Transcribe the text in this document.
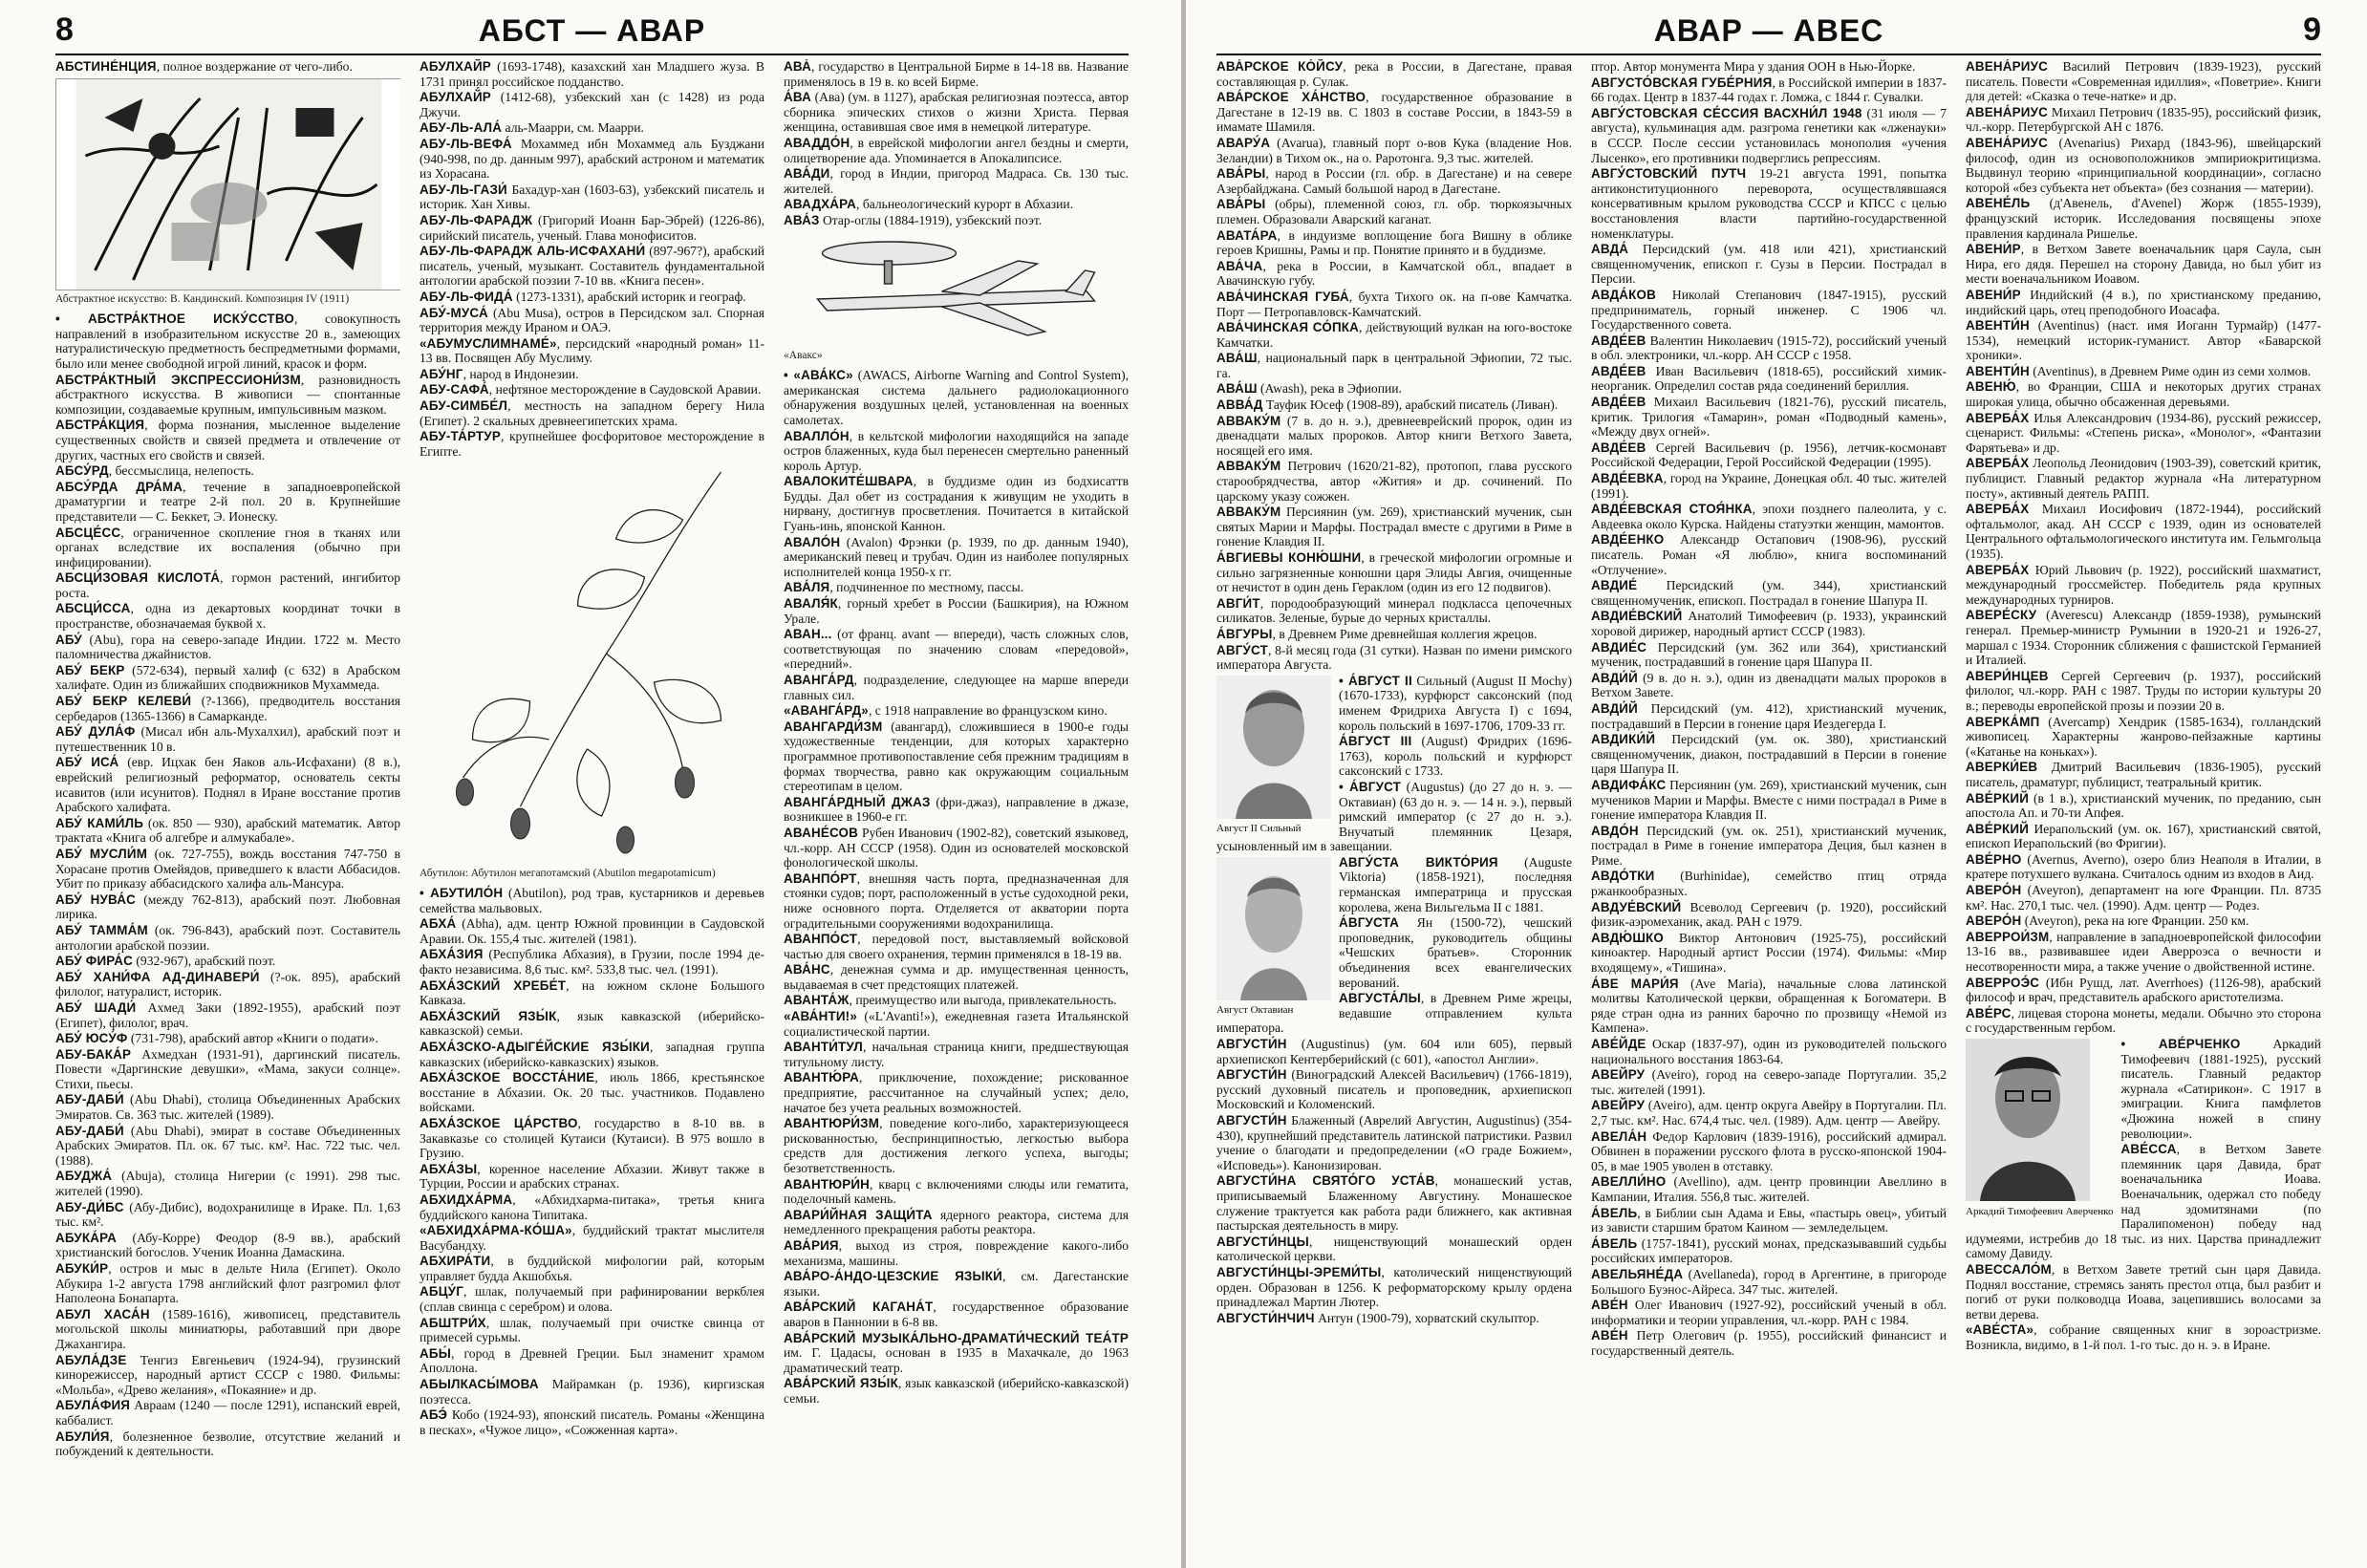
8	АБСТ — АВАР

АБСТИНЕ́НЦИЯ, полное воздержание от чего-либо.

Абстрактное искусство: В. Кандинский. Композиция IV (1911)

• АБСТРА́КТНОЕ ИСКУ́ССТВО, совокупность направлений в изобразительном искусстве 20 в., замеющих натуралистическую предметность беспредметными формами, было или менее свободной игрой линий, красок и форм.

АБСТРА́КТНЫЙ ЭКСПРЕССИОНИ́ЗМ, разновидность абстрактного искусства. В живописи — спонтанные композиции, создаваемые крупным, импульсивным мазком.

АБСТРА́КЦИЯ, форма познания, мысленное выделение существенных свойств и связей предмета и отвлечение от других, частных его свойств и связей.

АБСУ́РД, бессмыслица, нелепость.

АБСУ́РДА ДРА́МА, течение в западноевропейской драматургии и театре 2-й пол. 20 в. Крупнейшие представители — С. Беккет, Э. Ионеску.

АБСЦЕ́СС, ограниченное скопление гноя в тканях или органах вследствие их воспаления (обычно при инфицировании).

АБСЦИ́ЗОВАЯ КИСЛОТА́, гормон растений, ингибитор роста.

АБСЦИ́ССА, одна из декартовых координат точки в пространстве, обозначаемая буквой x.

АБУ́ (Abu), гора на северо-западе Индии. 1722 м. Место паломничества джайнистов.

АБУ́ БЕКР (572-634), первый халиф (с 632) в Арабском халифате. Один из ближайших сподвижников Мухаммеда.

АБУ́ БЕКР КЕЛЕВИ́ (?-1366), предводитель восстания сербедаров (1365-1366) в Самарканде.

АБУ́ ДУЛА́Ф (Мисал ибн аль-Мухалхил), арабский поэт и путешественник 10 в.

АБУ́ ИСА́ (евр. Ицхак бен Яаков аль-Исфахани) (8 в.), еврейский религиозный реформатор, основатель секты исавитов (или исунитов). Поднял в Иране восстание против Арабского халифата.

АБУ́ КАМИ́ЛЬ (ок. 850 — 930), арабский математик. Автор трактата «Книга об алгебре и алмукабале».

АБУ́ МУСЛИ́М (ок. 727-755), вождь восстания 747-750 в Хорасане против Омейядов, приведшего к власти Аббасидов. Убит по приказу аббасидского халифа аль-Мансура.

АБУ́ НУВА́С (между 762-813), арабский поэт. Любовная лирика.

АБУ́ ТАММА́М (ок. 796-843), арабский поэт. Составитель антологии арабской поэзии.

АБУ́ ФИРА́С (932-967), арабский поэт.

АБУ́ ХАНИ́ФА АД-ДИНАВЕРИ́ (?-ок. 895), арабский филолог, натуралист, историк.

АБУ́ ШАДИ́ Ахмед Заки (1892-1955), арабский поэт (Египет), филолог, врач.

АБУ́ ЮСУ́Ф (731-798), арабский автор «Книги о подати».

АБУ-БАКА́Р Ахмедхан (1931-91), даргинский писатель. Повести «Даргинские девушки», «Мама, закуси солнце». Стихи, пьесы.

АБУ-ДАБИ́ (Abu Dhabi), столица Объединенных Арабских Эмиратов. Св. 363 тыс. жителей (1989).

АБУ-ДАБИ́ (Abu Dhabi), эмират в составе Объединенных Арабских Эмиратов. Пл. ок. 67 тыс. км². Нас. 722 тыс. чел. (1988).

АБУДЖА́ (Abuja), столица Нигерии (с 1991). 298 тыс. жителей (1990).

АБУ-ДИ́БС (Абу-Дибис), водохранилище в Ираке. Пл. 1,63 тыс. км².

АБУКА́РА (Абу-Корре) Феодор (8-9 вв.), арабский христианский богослов. Ученик Иоанна Дамаскина.

АБУКИ́Р, остров и мыс в дельте Нила (Египет). Около Абукира 1-2 августа 1798 английский флот разгромил флот Наполеона Бонапарта.

АБУЛ ХАСА́Н (1589-1616), живописец, представитель могольской школы миниатюры, работавший при дворе Джахангира.

АБУЛА́ДЗЕ Тенгиз Евгеньевич (1924-94), грузинский кинорежиссер, народный артист СССР с 1980. Фильмы: «Мольба», «Древо желания», «Покаяние» и др.

АБУЛА́ФИЯ Авраам (1240 — после 1291), испанский еврей, каббалист.

АБУЛИ́Я, болезненное безволие, отсутствие желаний и побуждений к деятельности.

АБУЛХАЙ́Р (1693-1748), казахский хан Младшего жуза. В 1731 принял российское подданство.

АБУЛХАЙ́Р (1412-68), узбекский хан (с 1428) из рода Джучи.

АБУ-ЛЬ-АЛА́ аль-Маарри, см. Маарри.

АБУ-ЛЬ-ВЕФА́ Мохаммед ибн Мохаммед аль Бузджани (940-998, по др. данным 997), арабский астроном и математик из Хорасана.

АБУ-ЛЬ-ГАЗИ́ Бахадур-хан (1603-63), узбекский писатель и историк. Хан Хивы.

АБУ-ЛЬ-ФАРАДЖ (Григорий Иоанн Бар-Эбрей) (1226-86), сирийский писатель, ученый. Глава монофиситов.

АБУ-ЛЬ-ФАРАДЖ АЛЬ-ИСФАХАНИ́ (897-967?), арабский писатель, ученый, музыкант. Составитель фундаментальной антологии арабской поэзии 7-10 вв. «Книга песен».

АБУ-ЛЬ-ФИДА́ (1273-1331), арабский историк и географ.

АБУ́-МУСА́ (Abu Musa), остров в Персидском зал. Спорная территория между Ираном и ОАЭ.

«АБУМУСЛИМНАМЕ́», персидский «народный роман» 11-13 вв. Посвящен Абу Муслиму.

АБУ́НГ, народ в Индонезии.

АБУ-САФА́, нефтяное месторождение в Саудовской Аравии.

АБУ-СИМБЕ́Л, местность на западном берегу Нила (Египет). 2 скальных древнеегипетских храма.

АБУ-ТА́РТУР, крупнейшее фосфоритовое месторождение в Египте.

Абутилон: Абутилон мегапотамский (Abutilon megapotamicum)

• АБУТИЛО́Н (Abutilon), род трав, кустарников и деревьев семейства мальвовых.

АБХА́ (Abha), адм. центр Южной провинции в Саудовской Аравии. Ок. 155,4 тыс. жителей (1981).

АБХА́ЗИЯ (Республика Абхазия), в Грузии, после 1994 де-факто независима. 8,6 тыс. км². 533,8 тыс. чел. (1991).

АБХА́ЗСКИЙ ХРЕБЕ́Т, на южном склоне Большого Кавказа.

АБХА́ЗСКИЙ ЯЗЫ́К, язык кавказской (иберийско-кавказской) семьи.

АБХА́ЗСКО-АДЫГЕ́ЙСКИЕ ЯЗЫ́КИ, западная группа кавказских (иберийско-кавказских) языков.

АБХА́ЗСКОЕ ВОССТА́НИЕ, июль 1866, крестьянское восстание в Абхазии. Ок. 20 тыс. участников. Подавлено войсками.

АБХА́ЗСКОЕ ЦА́РСТВО, государство в 8-10 вв. в Закавказье со столицей Кутаиси (Кутаиси). В 975 вошло в Грузию.

АБХА́ЗЫ, коренное население Абхазии. Живут также в Турции, России и арабских странах.

АБХИДХА́РМА, «Абхидхарма-питака», третья книга буддийского канона Типитака.

«АБХИДХА́РМА-КО́ША», буддийский трактат мыслителя Васубандху.

АБХИРА́ТИ, в буддийской мифологии рай, которым управляет будда Акшобхья.

АБЦУ́Г, шлак, получаемый при рафинировании веркблея (сплав свинца с серебром) и олова.

АБШТРИ́Х, шлак, получаемый при очистке свинца от примесей сурьмы.

АБЫ́, город в Древней Греции. Был знаменит храмом Аполлона.

АБЫЛКАСЫ́МОВА Майрамкан (р. 1936), киргизская поэтесса.

АБЭ́ Кобо (1924-93), японский писатель. Романы «Женщина в песках», «Чужое лицо», «Сожженная карта».

АВА́, государство в Центральной Бирме в 14-18 вв. Название применялось в 19 в. ко всей Бирме.

А́ВА (Ава) (ум. в 1127), арабская религиозная поэтесса, автор сборника эпических стихов о жизни Христа. Первая женщина, оставившая свое имя в немецкой литературе.

АВАДДО́Н, в еврейской мифологии ангел бездны и смерти, олицетворение ада. Упоминается в Апокалипсисе.

АВА́ДИ, город в Индии, пригород Мадраса. Св. 130 тыс. жителей.

АВАДХА́РА, бальнеологический курорт в Абхазии.

АВА́З Отар-оглы (1884-1919), узбекский поэт.

«Авакс»

• «АВА́КС» (AWACS, Airborne Warning and Control System), американская система дальнего радиолокационного обнаружения воздушных целей, установленная на военных самолетах.

АВАЛЛО́Н, в кельтской мифологии находящийся на западе остров блаженных, куда был перенесен смертельно раненный король Артур.

АВАЛОКИТЕ́ШВАРА, в буддизме один из бодхисаттв Будды. Дал обет из сострадания к живущим не уходить в нирвану, достигнув просветления. Почитается в китайской Гуань-инь, японской Каннон.

АВАЛО́Н (Avalon) Фрэнки (р. 1939, по др. данным 1940), американский певец и трубач. Один из наиболее популярных исполнителей конца 1950-х гг.

АВА́ЛЯ, подчиненное по местному, пассы.

АВАЛЯ́К, горный хребет в России (Башкирия), на Южном Урале.

АВАН... (от франц. avant — впереди), часть сложных слов, соответствующая по значению словам «передовой», «передний».

АВАНГА́РД, подразделение, следующее на марше впереди главных сил.

«АВАНГА́РД», с 1918 направление во французском кино.

АВАНГАРДИ́ЗМ (авангард), сложившиеся в 1900-е годы художественные тенденции, для которых характерно программное противопоставление себя прежним традициям в формах творчества, равно как окружающим социальным стереотипам в целом.

АВАНГА́РДНЫЙ ДЖАЗ (фри-джаз), направление в джазе, возникшее в 1960-е гг.

АВАНЕ́СОВ Рубен Иванович (1902-82), советский языковед, чл.-корр. АН СССР (1958). Один из основателей московской фонологической школы.

АВАНПО́РТ, внешняя часть порта, предназначенная для стоянки судов; порт, расположенный в устье судоходной реки, ниже основного порта. Отделяется от акватории порта оградительными сооружениями водохранилища.

АВАНПО́СТ, передовой пост, выставляемый войсковой частью для своего охранения, термин применялся в 18-19 вв.

АВА́НС, денежная сумма и др. имущественная ценность, выдаваемая в счет предстоящих платежей.

АВАНТА́Ж, преимущество или выгода, привлекательность.

«АВА́НТИ!» («L'Avanti!»), ежедневная газета Итальянской социалистической партии.

АВАНТИ́ТУЛ, начальная страница книги, предшествующая титульному листу.

АВАНТЮ́РА, приключение, похождение; рискованное предприятие, рассчитанное на случайный успех; дело, начатое без учета реальных возможностей.

АВАНТЮРИ́ЗМ, поведение кого-либо, характеризующееся рискованностью, беспринципностью, легкостью выбора средств для достижения легкого успеха, выгоды; безответственность.

АВАНТЮРИ́Н, кварц с включениями слюды или гематита, поделочный камень.

АВАРИ́ЙНАЯ ЗАЩИ́ТА ядерного реактора, система для немедленного прекращения работы реактора.

АВА́РИЯ, выход из строя, повреждение какого-либо механизма, машины.

АВА́РО-А́НДО-ЦЕЗСКИЕ ЯЗЫКИ́, см. Дагестанские языки.

АВА́РСКИЙ КАГАНА́Т, государственное образование аваров в Паннонии в 6-8 вв.

АВА́РСКИЙ МУЗЫКА́ЛЬНО-ДРАМАТИ́ЧЕСКИЙ ТЕА́ТР им. Г. Цадасы, основан в 1935 в Махачкале, до 1963 драматический театр.

АВА́РСКИЙ ЯЗЫ́К, язык кавказской (иберийско-кавказской) семьи.

АВАР — АВЕС	9

АВА́РСКОЕ КО́ЙСУ, река в России, в Дагестане, правая составляющая р. Сулак.

АВА́РСКОЕ ХА́НСТВО, государственное образование в Дагестане в 12-19 вв. С 1803 в составе России, в 1843-59 в имамате Шамиля.

АВАРУ́А (Avarua), главный порт о-вов Кука (владение Нов. Зеландии) в Тихом ок., на о. Раротонга. 9,3 тыс. жителей.

АВА́РЫ, народ в России (гл. обр. в Дагестане) и на севере Азербайджана. Самый большой народ в Дагестане.

АВА́РЫ (обры), племенной союз, гл. обр. тюркоязычных племен. Образовали Аварский каганат.

АВАТА́РА, в индуизме воплощение бога Вишну в облике героев Кришны, Рамы и пр. Понятие принято и в буддизме.

АВА́ЧА, река в России, в Камчатской обл., впадает в Авачинскую губу.

АВА́ЧИНСКАЯ ГУБА́, бухта Тихого ок. на п-ове Камчатка. Порт — Петропавловск-Камчатский.

АВА́ЧИНСКАЯ СО́ПКА, действующий вулкан на юго-востоке Камчатки.

АВА́Ш, национальный парк в центральной Эфиопии, 72 тыс. га.

АВА́Ш (Awash), река в Эфиопии.

АВВА́Д Тауфик Юсеф (1908-89), арабский писатель (Ливан).

АВВАКУ́М (7 в. до н. э.), древнееврейский пророк, один из двенадцати малых пророков. Автор книги Ветхого Завета, носящей его имя.

АВВАКУ́М Петрович (1620/21-82), протопоп, глава русского старообрядчества, автор «Жития» и др. сочинений. По царскому указу сожжен.

АВВАКУ́М Персиянин (ум. 269), христианский мученик, сын святых Марии и Марфы. Пострадал вместе с другими в Риме в гонение Клавдия II.

А́ВГИЕВЫ КОНЮ́ШНИ, в греческой мифологии огромные и сильно загрязненные конюшни царя Элиды Авгия, очищенные от нечистот в один день Гераклом (один из его 12 подвигов).

АВГИ́Т, породообразующий минерал подкласса цепочечных силикатов. Зеленые, бурые до черных кристаллы.

А́ВГУРЫ, в Древнем Риме древнейшая коллегия жрецов.

АВГУ́СТ, 8-й месяц года (31 сутки). Назван по имени римского императора Августа.

Август II Сильный

• А́ВГУСТ II Сильный (August II Mochy) (1670-1733), курфюрст саксонский (под именем Фридриха Августа I) с 1694, король польский в 1697-1706, 1709-33 гг.

А́ВГУСТ III (August) Фридрих (1696-1763), король польский и курфюрст саксонский с 1733.

• А́ВГУСТ (Augustus) (до 27 до н. э. — Октавиан) (63 до н. э. — 14 н. э.), первый римский император (с 27 до н. э.). Внучатый племянник Цезаря, усыновленный им в завещании.

Август Октавиан

АВГУ́СТА ВИКТО́РИЯ (Auguste Viktoria) (1858-1921), последняя германская императрица и прусская королева, жена Вильгельма II с 1881.

А́ВГУСТА Ян (1500-72), чешский проповедник, руководитель общины «Чешских братьев». Сторонник объединения всех евангелических верований.

АВГУСТА́ЛЫ, в Древнем Риме жрецы, ведавшие отправлением культа императора.

АВГУСТИ́Н (Augustinus) (ум. 604 или 605), первый архиепископ Кентерберийский (с 601), «апостол Англии».

АВГУСТИ́Н (Виноградский Алексей Васильевич) (1766-1819), русский духовный писатель и проповедник, архиепископ Московский и Коломенский.

АВГУСТИ́Н Блаженный (Аврелий Августин, Augustinus) (354-430), крупнейший представитель латинской патристики. Развил учение о благодати и предопределении («О граде Божием», «Исповедь»). Канонизирован.

АВГУСТИ́НА СВЯТО́ГО УСТА́В, монашеский устав, приписываемый Блаженному Августину. Монашеское служение трактуется как работа ради ближнего, как активная пастырская деятельность в миру.

АВГУСТИ́НЦЫ, нищенствующий монашеский орден католической церкви.

АВГУСТИ́НЦЫ-ЭРЕМИ́ТЫ, католический нищенствующий орден. Образован в 1256. К реформаторскому крылу ордена принадлежал Мартин Лютер.

АВГУСТИ́НЧИЧ Антун (1900-79), хорватский скульптор.

птор. Автор монумента Мира у здания ООН в Нью-Йорке.

АВГУСТО́ВСКАЯ ГУБЕ́РНИЯ, в Российской империи в 1837-66 годах. Центр в 1837-44 годах г. Ломжа, с 1844 г. Сувалки.

АВГУ́СТОВСКАЯ СЕ́ССИЯ ВАСХНИ́Л 1948 (31 июля — 7 августа), кульминация адм. разгрома генетики как «лженауки» в СССР. После сессии установилась монополия «учения Лысенко», его противники подверглись репрессиям.

АВГУ́СТОВСКИЙ ПУТЧ 19-21 августа 1991, попытка антиконституционного переворота, осуществлявшаяся консервативным крылом руководства СССР и КПСС с целью восстановления власти партийно-государственной номенклатуры.

АВДА́ Персидский (ум. 418 или 421), христианский священномученик, епископ г. Сузы в Персии. Пострадал в Персии.

АВДА́КОВ Николай Степанович (1847-1915), русский предприниматель, горный инженер. С 1906 чл. Государственного совета.

АВДЕ́ЕВ Валентин Николаевич (1915-72), российский ученый в обл. электроники, чл.-корр. АН СССР с 1958.

АВДЕ́ЕВ Иван Васильевич (1818-65), российский химик-неорганик. Определил состав ряда соединений бериллия.

АВДЕ́ЕВ Михаил Васильевич (1821-76), русский писатель, критик. Трилогия «Тамарин», роман «Подводный камень», «Между двух огней».

АВДЕ́ЕВ Сергей Васильевич (р. 1956), летчик-космонавт Российской Федерации, Герой Российской Федерации (1995).

АВДЕ́ЕВКА, город на Украине, Донецкая обл. 40 тыс. жителей (1991).

АВДЕ́ЕВСКАЯ СТОЯ́НКА, эпохи позднего палеолита, у с. Авдеевка около Курска. Найдены статуэтки женщин, мамонтов.

АВДЕ́ЕНКО Александр Остапович (1908-96), русский писатель. Роман «Я люблю», книга воспоминаний «Отлучение».

АВДИЕ́ Персидский (ум. 344), христианский священномученик, епископ. Пострадал в гонение Шапура II.

АВДИЕ́ВСКИЙ Анатолий Тимофеевич (р. 1933), украинский хоровой дирижер, народный артист СССР (1983).

АВДИЕ́С Персидский (ум. 362 или 364), христианский мученик, пострадавший в гонение царя Шапура II.

АВДИ́Й (9 в. до н. э.), один из двенадцати малых пророков в Ветхом Завете.

АВДИ́Й Персидский (ум. 412), христианский мученик, пострадавший в Персии в гонение царя Иездегерда I.

АВДИКИ́Й Персидский (ум. ок. 380), христианский священномученик, диакон, пострадавший в Персии в гонение царя Шапура II.

АВДИФА́КС Персиянин (ум. 269), христианский мученик, сын мучеников Марии и Марфы. Вместе с ними пострадал в Риме в гонение императора Клавдия II.

АВДО́Н Персидский (ум. ок. 251), христианский мученик, пострадал в Риме в гонение императора Деция, был казнен в Риме.

АВДО́ТКИ (Burhinidae), семейство птиц отряда ржанкообразных.

АВДУЕ́ВСКИЙ Всеволод Сергеевич (р. 1920), российский физик-аэромеханик, акад. РАН с 1979.

АВДЮ́ШКО Виктор Антонович (1925-75), российский киноактер. Народный артист России (1974). Фильмы: «Мир входящему», «Тишина».

А́ВЕ МАРИ́Я (Ave Maria), начальные слова латинской молитвы Католической церкви, обращенная к Богоматери. В ряде стран одна из ранних барочно по прозвищу «Немой из Кампена».

АВЕ́ЙДЕ Оскар (1837-97), один из руководителей польского национального восстания 1863-64.

АВЕЙРУ (Aveiro), город на северо-западе Португалии. 35,2 тыс. жителей (1991).

АВЕЙРУ (Aveiro), адм. центр округа Авейру в Португалии. Пл. 2,7 тыс. км². Нас. 674,4 тыс. чел. (1989). Адм. центр — Авейру.

АВЕЛА́Н Федор Карлович (1839-1916), российский адмирал. Обвинен в поражении русского флота в русско-японской 1904-05, в мае 1905 уволен в отставку.

АВЕЛЛИ́НО (Avellino), адм. центр провинции Авеллино в Кампании, Италия. 556,8 тыс. жителей.

А́ВЕЛЬ, в Библии сын Адама и Евы, «пастырь овец», убитый из зависти старшим братом Каином — земледельцем.

А́ВЕЛЬ (1757-1841), русский монах, предсказывавший судьбы российских императоров.

АВЕЛЬЯНЕ́ДА (Avellaneda), город в Аргентине, в пригороде Большого Буэнос-Айреса. 347 тыс. жителей.

АВЕ́Н Олег Иванович (1927-92), российский ученый в обл. информатики и теории управления, чл.-корр. РАН с 1984.

АВЕ́Н Петр Олегович (р. 1955), российский финансист и государственный деятель.

АВЕНА́РИУС Василий Петрович (1839-1923), русский писатель. Повести «Современная идиллия», «Поветрие». Книги для детей: «Сказка о тече-натке» и др.

АВЕНА́РИУС Михаил Петрович (1835-95), российский физик, чл.-корр. Петербургской АН с 1876.

АВЕНА́РИУС (Avenarius) Рихард (1843-96), швейцарский философ, один из основоположников эмпириокритицизма. Выдвинул теорию «принципиальной координации», согласно которой «без субъекта нет объекта» (без сознания — материи).

АВЕНЕ́ЛЬ (д'Авенель, d'Avenel) Жорж (1855-1939), французский историк. Исследования посвящены эпохе правления кардинала Ришелье.

АВЕНИ́Р, в Ветхом Завете военачальник царя Саула, сын Нира, его дядя. Перешел на сторону Давида, но был убит из мести военачальником Иоавом.

АВЕНИ́Р Индийский (4 в.), по христианскому преданию, индийский царь, отец преподобного Иоасафа.

АВЕНТИ́Н (Aventinus) (наст. имя Иоганн Турмайр) (1477-1534), немецкий историк-гуманист. Автор «Баварской хроники».

АВЕНТИ́Н (Aventinus), в Древнем Риме один из семи холмов.

АВЕНЮ́, во Франции, США и некоторых других странах широкая улица, обычно обсаженная деревьями.

АВЕРБА́Х Илья Александрович (1934-86), русский режиссер, сценарист. Фильмы: «Степень риска», «Монолог», «Фантазии Фарятьева» и др.

АВЕРБА́Х Леопольд Леонидович (1903-39), советский критик, публицист. Главный редактор журнала «На литературном посту», активный деятель РАПП.

АВЕРБА́Х Михаил Иосифович (1872-1944), российский офтальмолог, акад. АН СССР с 1939, один из основателей Центрального офтальмологического института им. Гельмгольца (1935).

АВЕРБА́Х Юрий Львович (р. 1922), российский шахматист, международный гроссмейстер. Победитель ряда крупных международных турниров.

АВЕРЕ́СКУ (Averescu) Александр (1859-1938), румынский генерал. Премьер-министр Румынии в 1920-21 и 1926-27, маршал с 1934. Сторонник сближения с фашистской Германией и Италией.

АВЕРИ́НЦЕВ Сергей Сергеевич (р. 1937), российский филолог, чл.-корр. РАН с 1987. Труды по истории культуры 20 в.; переводы европейской прозы и поэзии 20 в.

АВЕРКА́МП (Avercamp) Хендрик (1585-1634), голландский живописец. Характерны жанрово-пейзажные картины («Катанье на коньках»).

АВЕРКИ́ЕВ Дмитрий Васильевич (1836-1905), русский писатель, драматург, публицист, театральный критик.

АВЕ́РКИЙ (в 1 в.), христианский мученик, по преданию, сын апостола Ап. и 70-ти Апфея.

АВЕ́РКИЙ Иерапольский (ум. ок. 167), христианский святой, епископ Иерапольский (во Фригии).

АВЕ́РНО (Avernus, Averno), озеро близ Неаполя в Италии, в кратере потухшего вулкана. Считалось одним из входов в Аид.

АВЕРО́Н (Aveyron), департамент на юге Франции. Пл. 8735 км². Нас. 270,1 тыс. чел. (1990). Адм. центр — Родез.

АВЕРО́Н (Aveyron), река на юге Франции. 250 км.

АВЕРРОИ́ЗМ, направление в западноевропейской философии 13-16 вв., развивавшее идеи Аверроэса о вечности и несотворенности мира, а также учение о двойственной истине.

АВЕРРОЭ́С (Ибн Рушд, лат. Averrhoes) (1126-98), арабский философ и врач, представитель арабского аристотелизма.

АВЕ́РС, лицевая сторона монеты, медали. Обычно это сторона с государственным гербом.

Аркадий Тимофеевич Аверченко

• АВЕ́РЧЕНКО Аркадий Тимофеевич (1881-1925), русский писатель. Главный редактор журнала «Сатирикон». С 1917 в эмиграции. Книга памфлетов «Дюжина ножей в спину революции».

АВЕ́ССА, в Ветхом Завете племянник царя Давида, брат военачальника Иоава. Военачальник, одержал сто победу над эдомитянами (по Паралипоменон) победу над идумеями, истребив до 18 тыс. из них. Царства принадлежит самому Давиду.

АВЕССАЛО́М, в Ветхом Завете третий сын царя Давида. Поднял восстание, стремясь занять престол отца, был разбит и погиб от руки полководца Иоава, зацепившись волосами за ветви дерева.

«АВЕ́СТА», собрание священных книг в зороастризме. Возникла, видимо, в 1-й пол. 1-го тыс. до н. э. в Иране.
